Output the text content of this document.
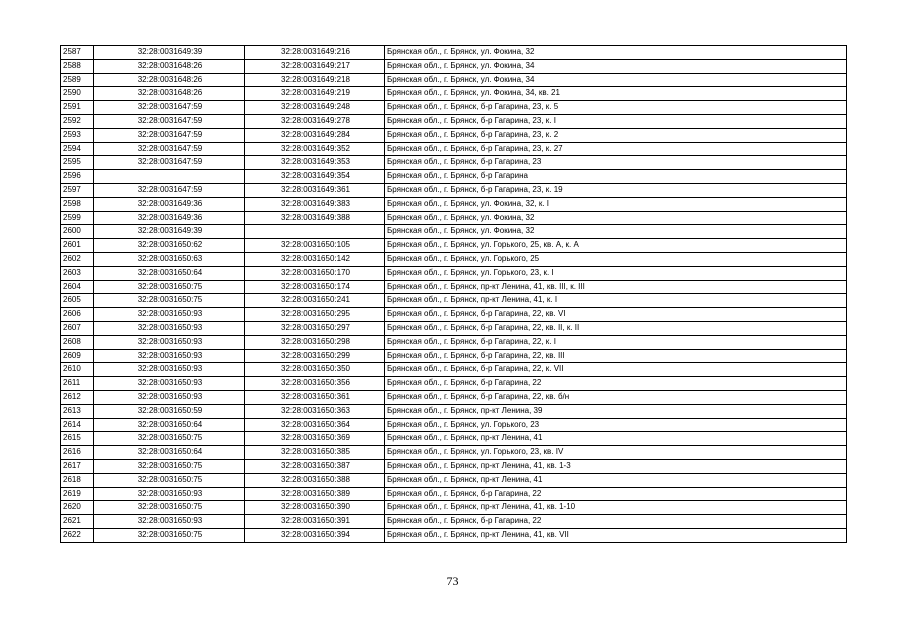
2587	32:28:0031649:39	32:28:0031649:216	Брянская обл., г. Брянск, ул. Фокина, 32
2588	32:28:0031648:26	32:28:0031649:217	Брянская обл., г. Брянск, ул. Фокина, 34
2589	32:28:0031648:26	32:28:0031649:218	Брянская обл., г. Брянск, ул. Фокина, 34
2590	32:28:0031648:26	32:28:0031649:219	Брянская обл., г. Брянск, ул. Фокина, 34, кв. 21
2591	32:28:0031647:59	32:28:0031649:248	Брянская обл., г. Брянск, б-р Гагарина, 23, к. 5
2592	32:28:0031647:59	32:28:0031649:278	Брянская обл., г. Брянск, б-р Гагарина, 23, к. I
2593	32:28:0031647:59	32:28:0031649:284	Брянская обл., г. Брянск, б-р Гагарина, 23, к. 2
2594	32:28:0031647:59	32:28:0031649:352	Брянская обл., г. Брянск, б-р Гагарина, 23, к. 27
2595	32:28:0031647:59	32:28:0031649:353	Брянская обл., г. Брянск, б-р Гагарина, 23
2596		32:28:0031649:354	Брянская обл., г. Брянск, б-р Гагарина
2597	32:28:0031647:59	32:28:0031649:361	Брянская обл., г. Брянск, б-р Гагарина, 23, к. 19
2598	32:28:0031649:36	32:28:0031649:383	Брянская обл., г. Брянск, ул. Фокина, 32, к. I
2599	32:28:0031649:36	32:28:0031649:388	Брянская обл., г. Брянск, ул. Фокина, 32
2600	32:28:0031649:39		Брянская обл., г. Брянск, ул. Фокина, 32
2601	32:28:0031650:62	32:28:0031650:105	Брянская обл., г. Брянск, ул. Горького, 25, кв. А, к. А
2602	32:28:0031650:63	32:28:0031650:142	Брянская обл., г. Брянск, ул. Горького, 25
2603	32:28:0031650:64	32:28:0031650:170	Брянская обл., г. Брянск, ул. Горького, 23, к. I
2604	32:28:0031650:75	32:28:0031650:174	Брянская обл., г. Брянск, пр-кт Ленина, 41, кв. III, к. III
2605	32:28:0031650:75	32:28:0031650:241	Брянская обл., г. Брянск, пр-кт Ленина, 41, к. I
2606	32:28:0031650:93	32:28:0031650:295	Брянская обл., г. Брянск, б-р Гагарина, 22, кв. VI
2607	32:28:0031650:93	32:28:0031650:297	Брянская обл., г. Брянск, б-р Гагарина, 22, кв. II, к. II
2608	32:28:0031650:93	32:28:0031650:298	Брянская обл., г. Брянск, б-р Гагарина, 22, к. I
2609	32:28:0031650:93	32:28:0031650:299	Брянская обл., г. Брянск, б-р Гагарина, 22, кв. III
2610	32:28:0031650:93	32:28:0031650:350	Брянская обл., г. Брянск, б-р Гагарина, 22, к. VII
2611	32:28:0031650:93	32:28:0031650:356	Брянская обл., г. Брянск, б-р Гагарина, 22
2612	32:28:0031650:93	32:28:0031650:361	Брянская обл., г. Брянск, б-р Гагарина, 22, кв. б/н
2613	32:28:0031650:59	32:28:0031650:363	Брянская обл., г. Брянск, пр-кт Ленина, 39
2614	32:28:0031650:64	32:28:0031650:364	Брянская обл., г. Брянск, ул. Горького, 23
2615	32:28:0031650:75	32:28:0031650:369	Брянская обл., г. Брянск, пр-кт Ленина, 41
2616	32:28:0031650:64	32:28:0031650:385	Брянская обл., г. Брянск, ул. Горького, 23, кв. IV
2617	32:28:0031650:75	32:28:0031650:387	Брянская обл., г. Брянск, пр-кт Ленина, 41, кв. 1-3
2618	32:28:0031650:75	32:28:0031650:388	Брянская обл., г. Брянск, пр-кт Ленина, 41
2619	32:28:0031650:93	32:28:0031650:389	Брянская обл., г. Брянск, б-р Гагарина, 22
2620	32:28:0031650:75	32:28:0031650:390	Брянская обл., г. Брянск, пр-кт Ленина, 41, кв. 1-10
2621	32:28:0031650:93	32:28:0031650:391	Брянская обл., г. Брянск, б-р Гагарина, 22
2622	32:28:0031650:75	32:28:0031650:394	Брянская обл., г. Брянск, пр-кт Ленина, 41, кв. VII
73
